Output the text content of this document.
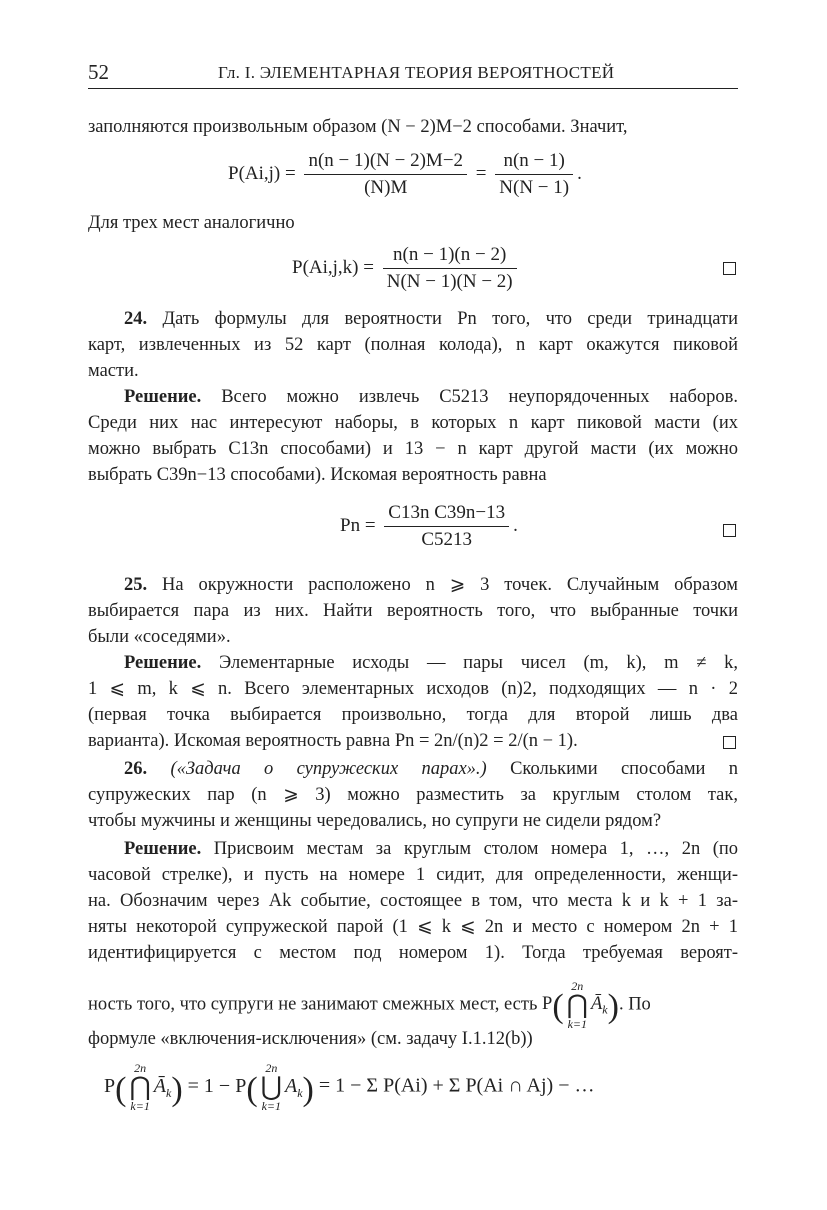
52	Гл. I. ЭЛЕМЕНТАРНАЯ ТЕОРИЯ ВЕРОЯТНОСТЕЙ
заполняются произвольным образом (N − 2)M−2 способами. Значит,
$P(Ai,j) = \frac{n(n - 1)(N - 2)M-2}{(N)M} = \frac{n(n - 1)}{N(N - 1)}$ .
Для трех мест аналогично
$P(Ai,j,k) = \frac{n(n - 1)(n - 2)}{N(N - 1)(N - 2)}$
24. Дать формулы для вероятности Pn того, что среди тринадцати
карт, извлеченных из 52 карт (полная колода), n карт окажутся пиковой
масти.
Решение. Всего можно извлечь C5213 неупорядоченных наборов.
Среди них нас интересуют наборы, в которых n карт пиковой масти (их
можно выбрать C13n способами) и 13 − n карт другой масти (их можно
выбрать C39n−13 способами). Искомая вероятность равна
$Pn = \frac{\text{C13n C39n−13}}{C5213}$ .
25. На окружности расположено n ⩾ 3 точек. Случайным образом
выбирается пара из них. Найти вероятность того, что выбранные точки
были «соседями».
Решение. Элементарные исходы — пары чисел (m, k), m ≠ k,
1 ⩽ m, k ⩽ n. Всего элементарных исходов (n)2, подходящих — n · 2
(первая точка выбирается произвольно, тогда для второй лишь два
варианта). Искомая вероятность равна Pn = 2n/(n)2 = 2/(n − 1).
26. («Задача о супружеских парах».) Сколькими способами n
супружеских пар (n ⩾ 3) можно разместить за круглым столом так,
чтобы мужчины и женщины чередовались, но супруги не сидели рядом?
Решение. Присвоим местам за круглым столом номера 1, …, 2n (по
часовой стрелке), и пусть на номере 1 сидит, для определенности, женщи-
на. Обозначим через Ak событие, состоящее в том, что места k и k + 1 за-
няты некоторой супружеской парой (1 ⩽ k ⩽ 2n и место с номером 2n + 1
идентифицируется с местом под номером 1). Тогда требуемая вероят-
ность того, что супруги не занимают смежных мест, есть P(
2n
⋂
k=1
$Ā_k$). По
формуле «включения-исключения» (см. задачу I.1.12(b))
P(
2n
⋂
k=1
$Ā_k) = 1 - P$(
2n
⋃
k=1
$A_k) = 1 - \Sigma$ P(Ai) + Σ P(Ai ∩ Aj) − …
